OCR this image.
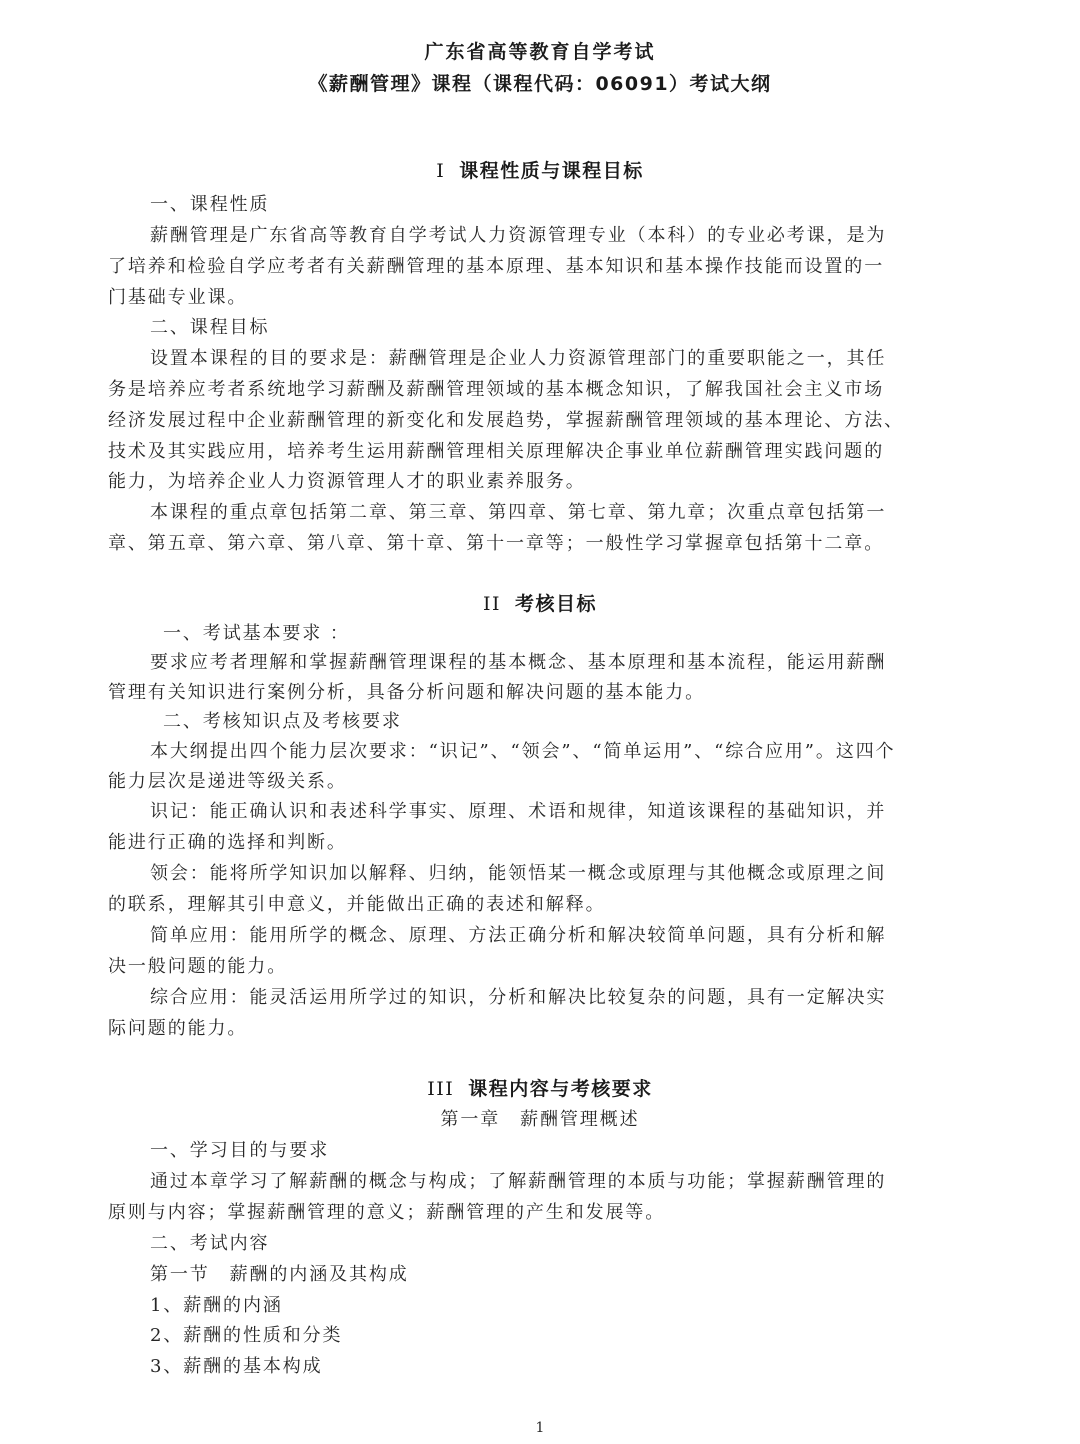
广东省高等教育自学考试
《薪酬管理》课程（课程代码：06091）考试大纲
I 课程性质与课程目标
一、课程性质
薪酬管理是广东省高等教育自学考试人力资源管理专业（本科）的专业必考课，是为
了培养和检验自学应考者有关薪酬管理的基本原理、基本知识和基本操作技能而设置的一
门基础专业课。
二、课程目标
设置本课程的目的要求是：薪酬管理是企业人力资源管理部门的重要职能之一，其任
务是培养应考者系统地学习薪酬及薪酬管理领域的基本概念知识，了解我国社会主义市场
经济发展过程中企业薪酬管理的新变化和发展趋势，掌握薪酬管理领域的基本理论、方法、
技术及其实践应用，培养考生运用薪酬管理相关原理解决企事业单位薪酬管理实践问题的
能力，为培养企业人力资源管理人才的职业素养服务。
本课程的重点章包括第二章、第三章、第四章、第七章、第九章；次重点章包括第一
章、第五章、第六章、第八章、第十章、第十一章等；一般性学习掌握章包括第十二章。
II 考核目标
一、考试基本要求 ：
要求应考者理解和掌握薪酬管理课程的基本概念、基本原理和基本流程，能运用薪酬
管理有关知识进行案例分析，具备分析问题和解决问题的基本能力。
二、考核知识点及考核要求
本大纲提出四个能力层次要求：“识记”、“领会”、“简单运用”、“综合应用”。这四个
能力层次是递进等级关系。
识记：能正确认识和表述科学事实、原理、术语和规律，知道该课程的基础知识，并
能进行正确的选择和判断。
领会：能将所学知识加以解释、归纳，能领悟某一概念或原理与其他概念或原理之间
的联系，理解其引申意义，并能做出正确的表述和解释。
简单应用：能用所学的概念、原理、方法正确分析和解决较简单问题，具有分析和解
决一般问题的能力。
综合应用：能灵活运用所学过的知识，分析和解决比较复杂的问题，具有一定解决实
际问题的能力。
III 课程内容与考核要求
第一章　薪酬管理概述
一、学习目的与要求
通过本章学习了解薪酬的概念与构成；了解薪酬管理的本质与功能；掌握薪酬管理的
原则与内容；掌握薪酬管理的意义；薪酬管理的产生和发展等。
二、考试内容
第一节　薪酬的内涵及其构成
1、薪酬的内涵
2、薪酬的性质和分类
3、薪酬的基本构成
1
